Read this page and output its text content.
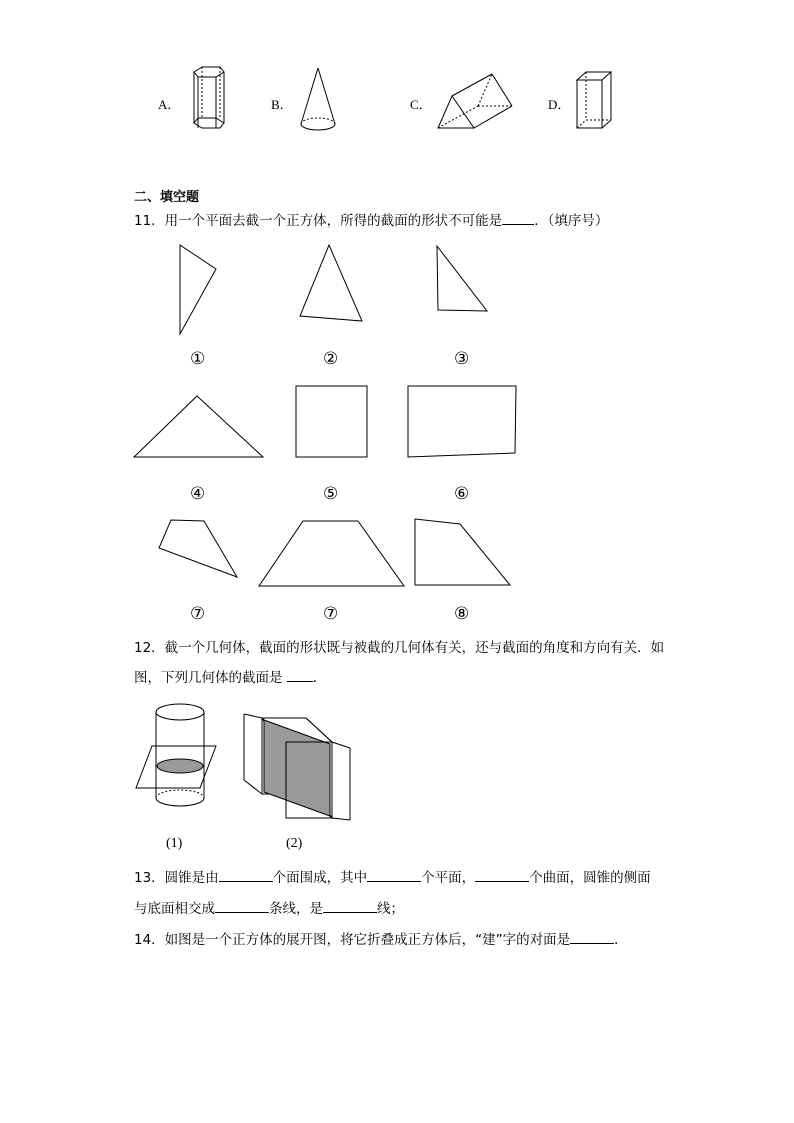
A．	B．	C．	D．
二、填空题
11．用一个平面去截一个正方体，所得的截面的形状不可能是 ．（填序号）
①	②	③
④	⑤	⑥
⑦	⑦	⑧
12．截一个几何体，截面的形状既与被截的几何体有关，还与截面的角度和方向有关．如
图，下列几何体的截面是 ．
(1)	(2)
13．圆锥是由	个面围成，其中	个平面，	个曲面，圆锥的侧面
与底面相交成	条线，是	线；
14．如图是一个正方体的展开图，将它折叠成正方体后，“建”字的对面是	．
